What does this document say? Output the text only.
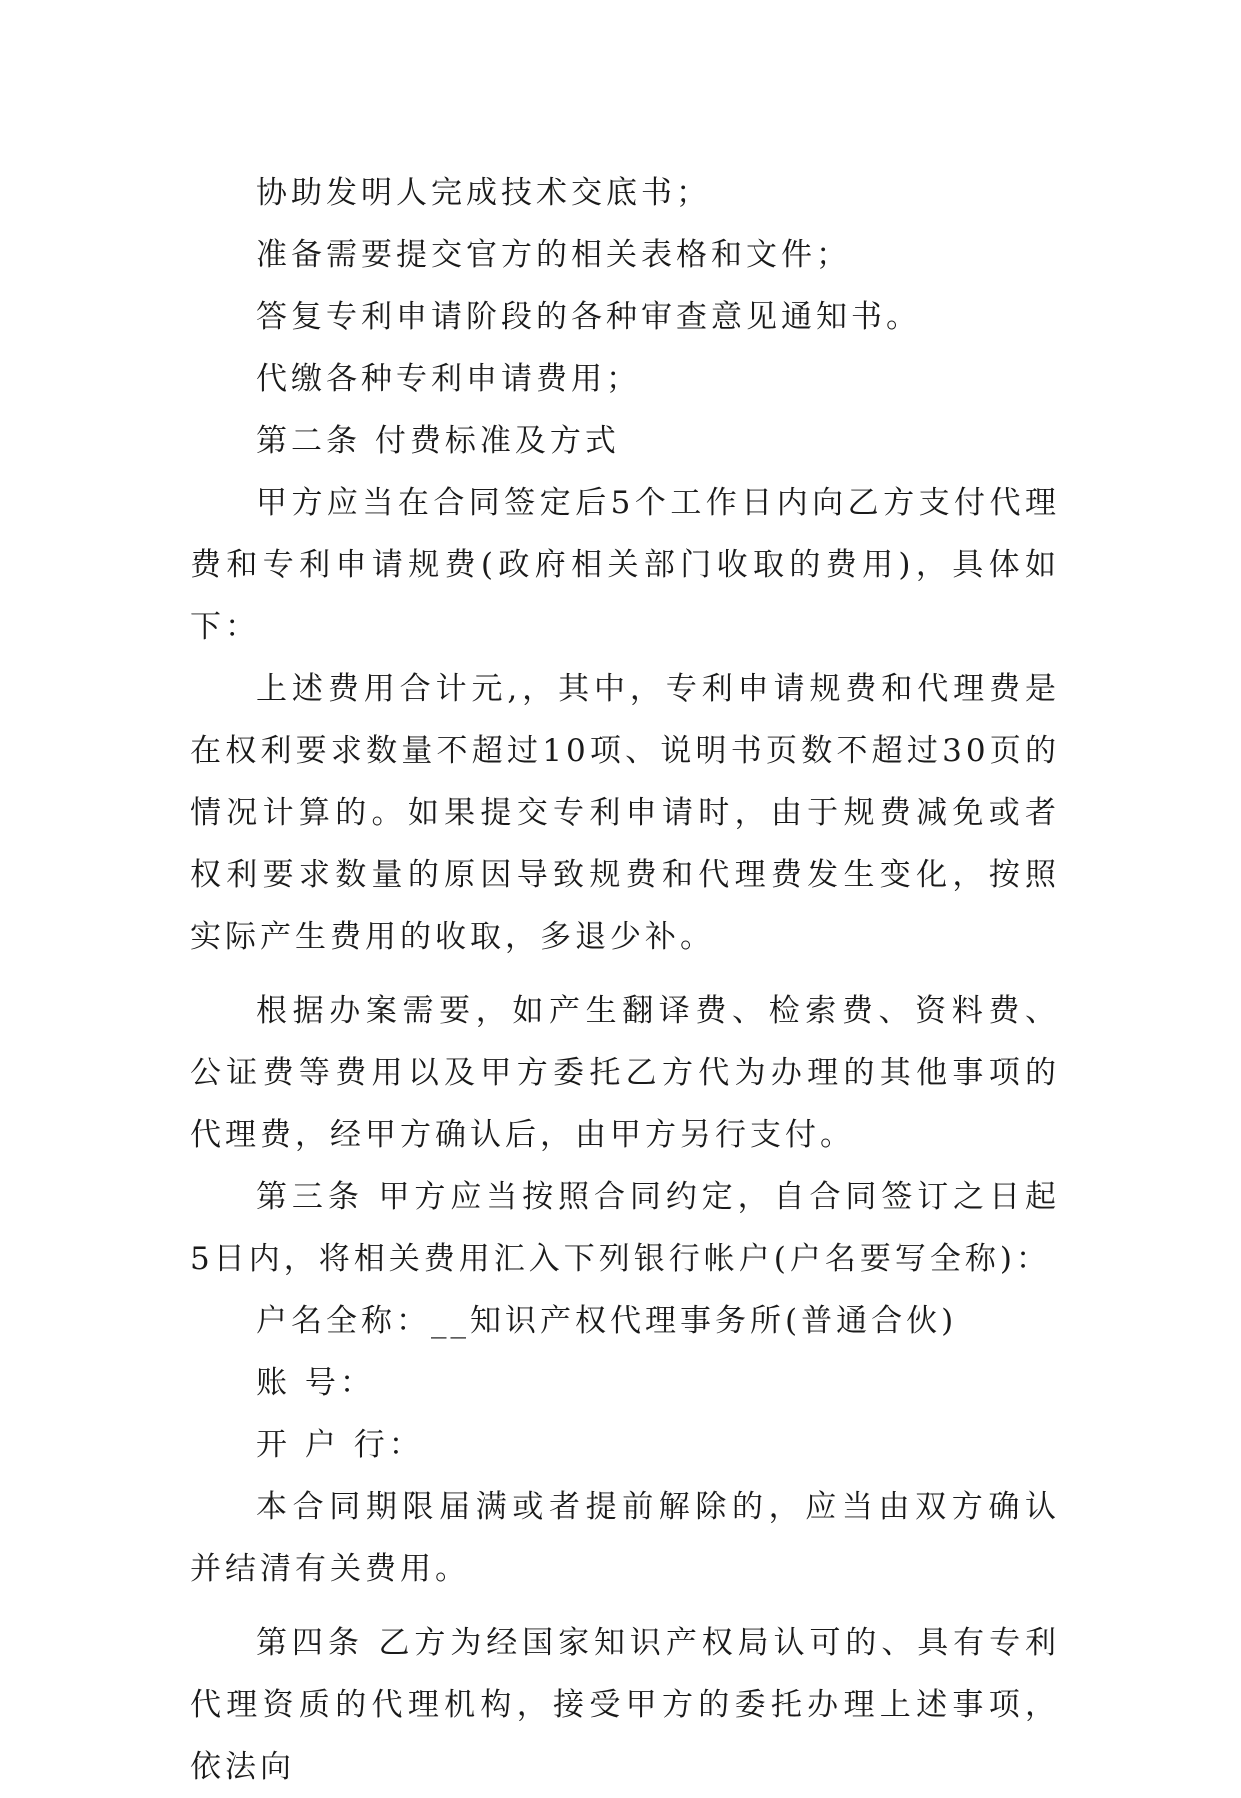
协助发明人完成技术交底书；

准备需要提交官方的相关表格和文件；

答复专利申请阶段的各种审查意见通知书。

代缴各种专利申请费用；

第二条 付费标准及方式

甲方应当在合同签定后5个工作日内向乙方支付代理费和专利申请规费(政府相关部门收取的费用)，具体如下：

上述费用合计元,，其中，专利申请规费和代理费是在权利要求数量不超过10项、说明书页数不超过30页的情况计算的。如果提交专利申请时，由于规费减免或者权利要求数量的原因导致规费和代理费发生变化，按照实际产生费用的收取，多退少补。

根据办案需要，如产生翻译费、检索费、资料费、公证费等费用以及甲方委托乙方代为办理的其他事项的代理费，经甲方确认后，由甲方另行支付。

第三条 甲方应当按照合同约定，自合同签订之日起5日内，将相关费用汇入下列银行帐户(户名要写全称)：

户名全称：__知识产权代理事务所(普通合伙)

账 号：

开 户 行：

本合同期限届满或者提前解除的，应当由双方确认并结清有关费用。

第四条 乙方为经国家知识产权局认可的、具有专利代理资质的代理机构，接受甲方的委托办理上述事项，依法向
